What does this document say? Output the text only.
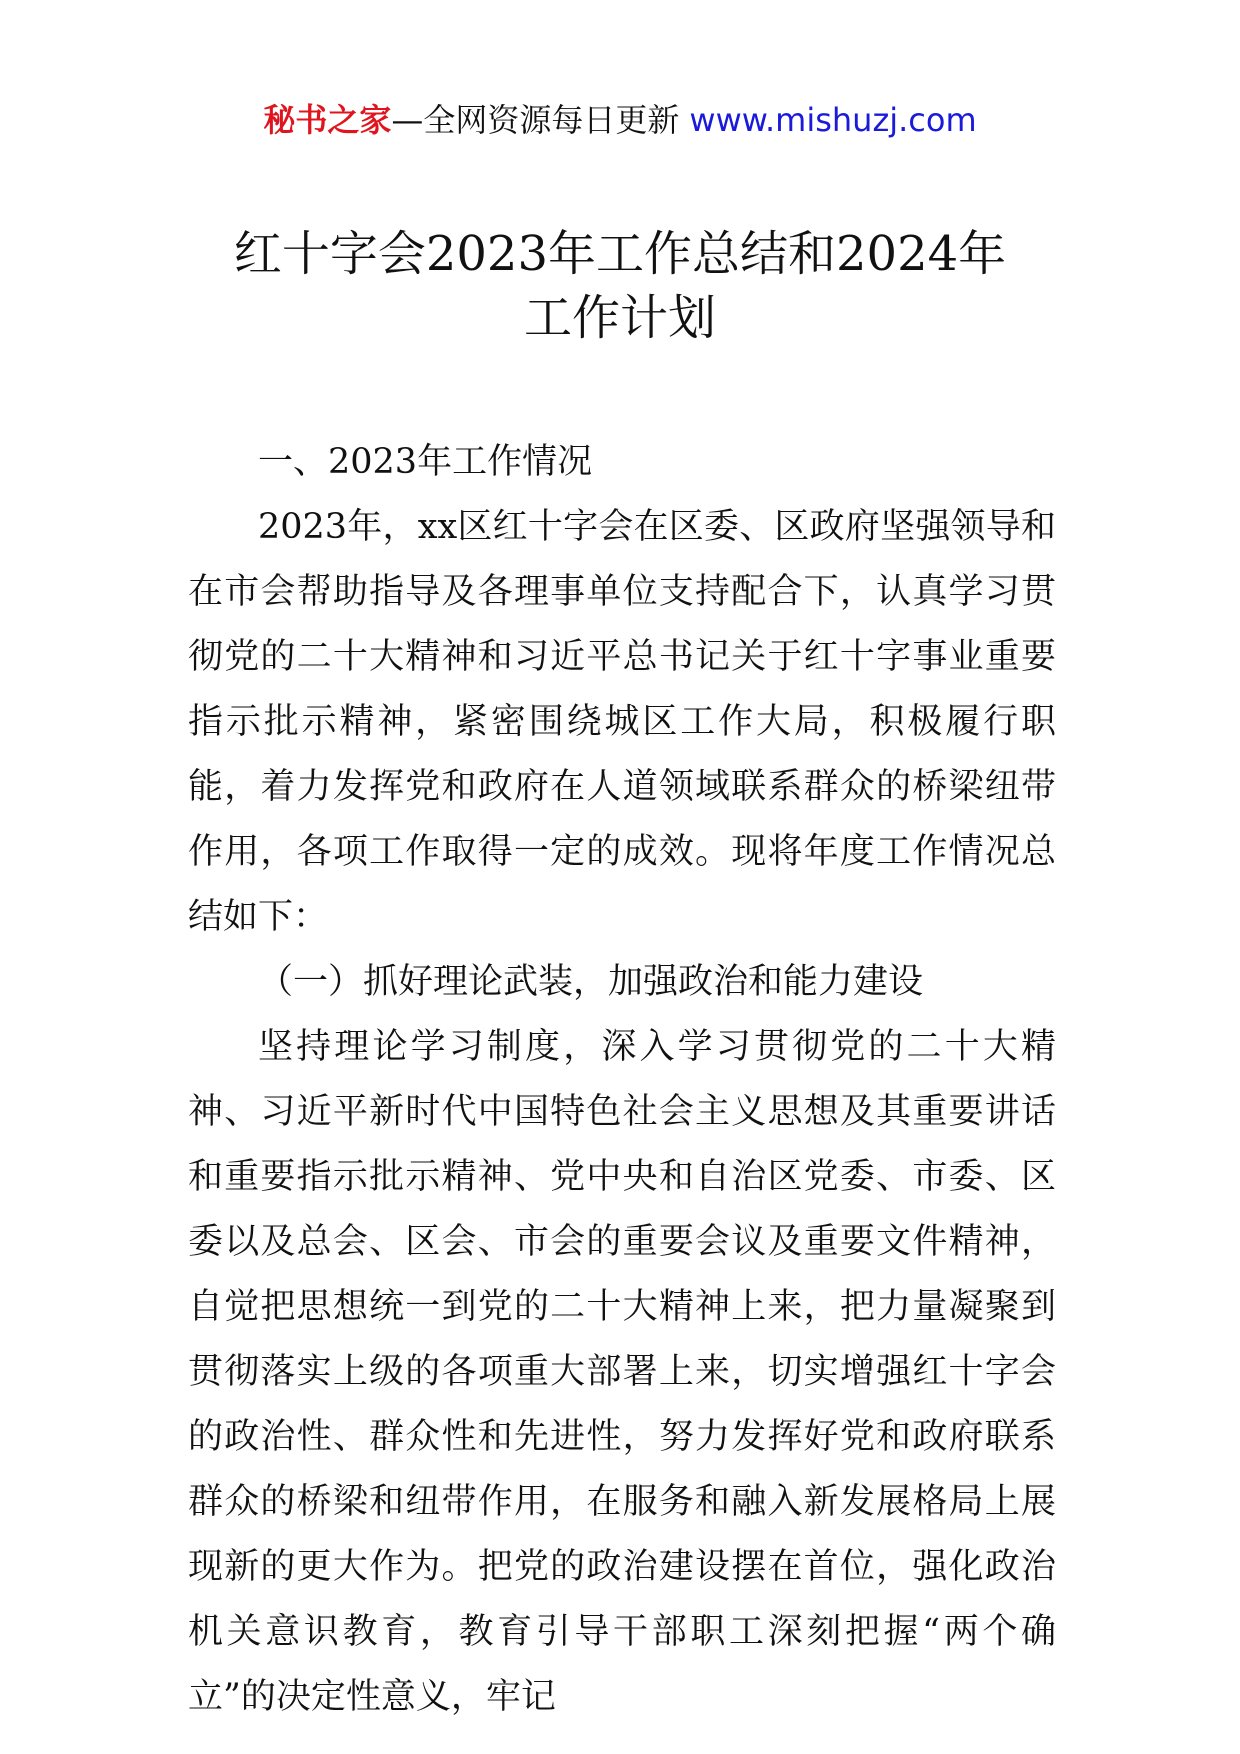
秘书之家—全网资源每日更新 www.mishuzj.com
红十字会2023年工作总结和2024年
工作计划

一、2023年工作情况

2023年，xx区红十字会在区委、区政府坚强领导和在市会帮助指导及各理事单位支持配合下，认真学习贯彻党的二十大精神和习近平总书记关于红十字事业重要指示批示精神，紧密围绕城区工作大局，积极履行职能，着力发挥党和政府在人道领域联系群众的桥梁纽带作用，各项工作取得一定的成效。现将年度工作情况总结如下：

（一）抓好理论武装，加强政治和能力建设

坚持理论学习制度，深入学习贯彻党的二十大精神、习近平新时代中国特色社会主义思想及其重要讲话和重要指示批示精神、党中央和自治区党委、市委、区委以及总会、区会、市会的重要会议及重要文件精神，自觉把思想统一到党的二十大精神上来，把力量凝聚到贯彻落实上级的各项重大部署上来，切实增强红十字会的政治性、群众性和先进性，努力发挥好党和政府联系群众的桥梁和纽带作用，在服务和融入新发展格局上展现新的更大作为。把党的政治建设摆在首位，强化政治机关意识教育，教育引导干部职工深刻把握“两个确立”的决定性意义，牢记
